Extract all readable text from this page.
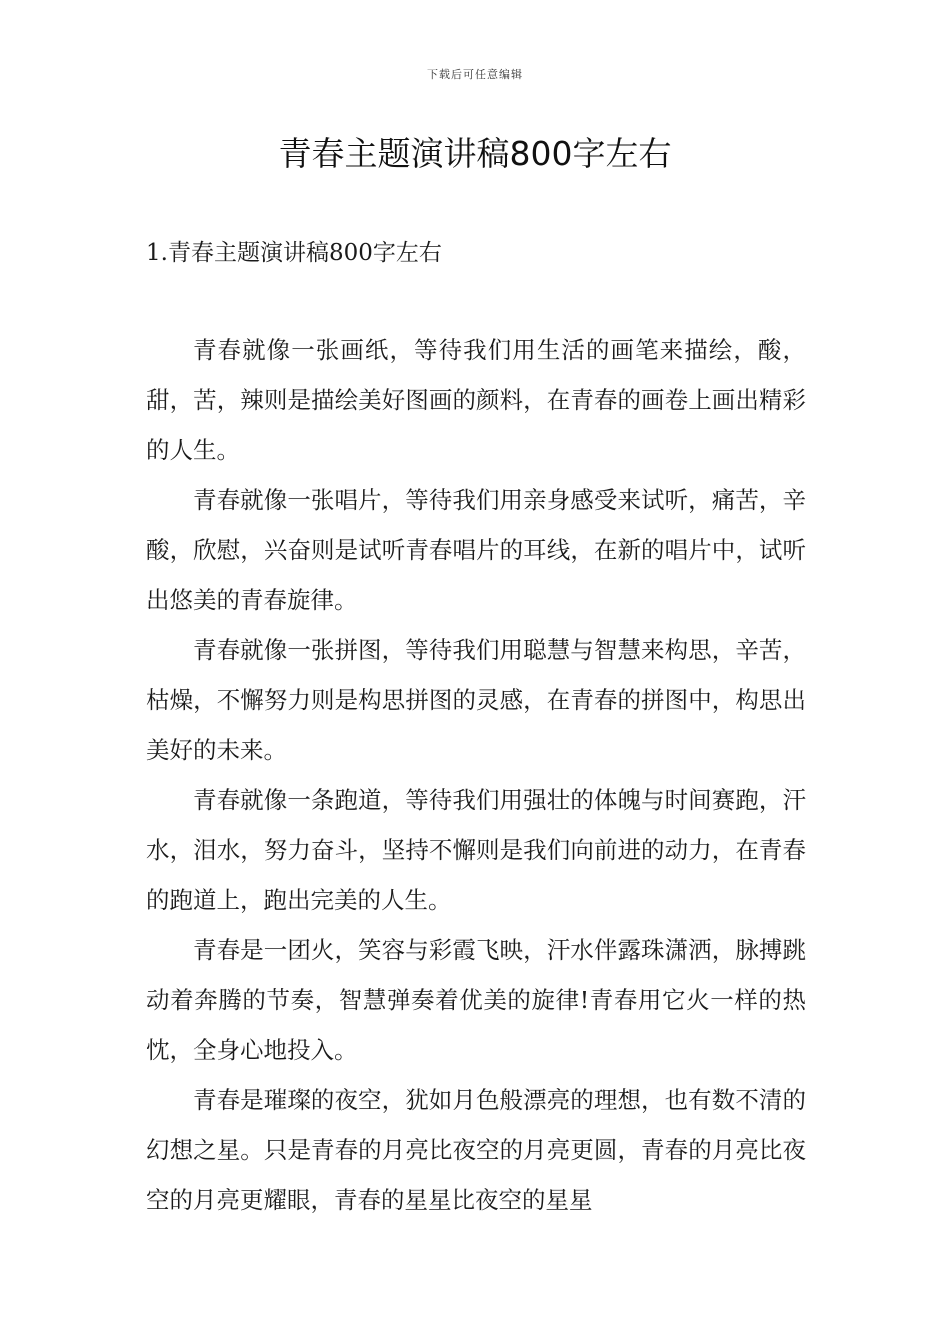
下载后可任意编辑
青春主题演讲稿800字左右
1.青春主题演讲稿800字左右

青春就像一张画纸，等待我们用生活的画笔来描绘，酸，甜，苦，辣则是描绘美好图画的颜料，在青春的画卷上画出精彩的人生。

青春就像一张唱片，等待我们用亲身感受来试听，痛苦，辛酸，欣慰，兴奋则是试听青春唱片的耳线，在新的唱片中，试听出悠美的青春旋律。

青春就像一张拼图，等待我们用聪慧与智慧来构思，辛苦，枯燥，不懈努力则是构思拼图的灵感，在青春的拼图中，构思出美好的未来。

青春就像一条跑道，等待我们用强壮的体魄与时间赛跑，汗水，泪水，努力奋斗，坚持不懈则是我们向前进的动力，在青春的跑道上，跑出完美的人生。

青春是一团火，笑容与彩霞飞映，汗水伴露珠潇洒，脉搏跳动着奔腾的节奏，智慧弹奏着优美的旋律!青春用它火一样的热忱，全身心地投入。

青春是璀璨的夜空，犹如月色般漂亮的理想，也有数不清的幻想之星。只是青春的月亮比夜空的月亮更圆，青春的月亮比夜空的月亮更耀眼，青春的星星比夜空的星星
